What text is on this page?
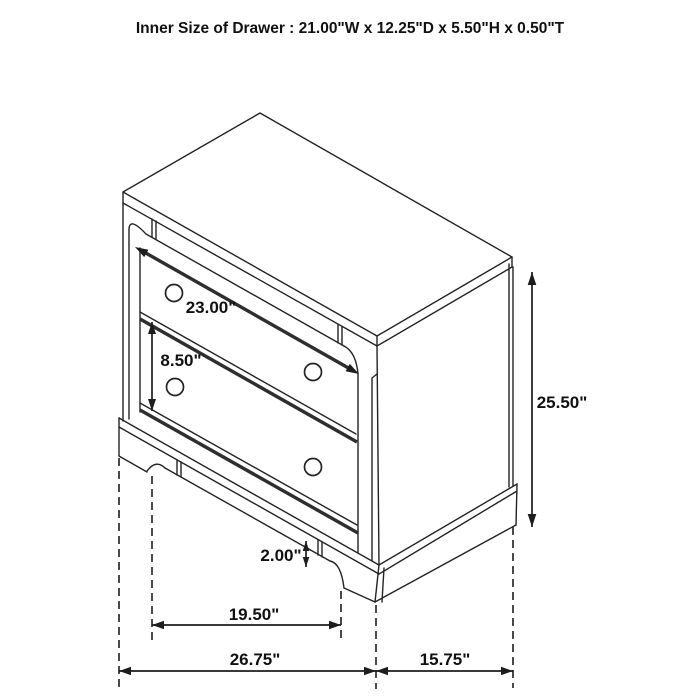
Inner Size of Drawer : 21.00"W x 12.25"D x 5.50"H x 0.50"T
23.00"
8.50"
25.50"
2.00"
19.50"
26.75"	15.75"
